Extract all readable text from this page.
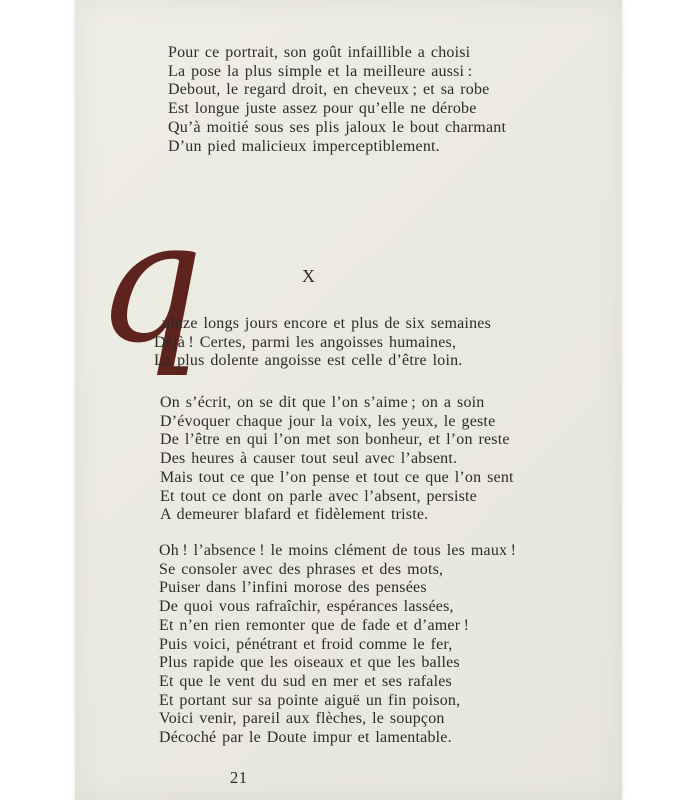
Pour ce portrait, son goût infaillible a choisi
La pose la plus simple et la meilleure aussi :
Debout, le regard droit, en cheveux ; et sa robe
Est longue juste assez pour qu’elle ne dérobe
Qu’à moitié sous ses plis jaloux le bout charmant
D’un pied malicieux imperceptiblement.
X
q
uinze longs jours encore et plus de six semaines
Déjà ! Certes, parmi les angoisses humaines,
La plus dolente angoisse est celle d’être loin.
On s’écrit, on se dit que l’on s’aime ; on a soin
D’évoquer chaque jour la voix, les yeux, le geste
De l’être en qui l’on met son bonheur, et l’on reste
Des heures à causer tout seul avec l’absent.
Mais tout ce que l’on pense et tout ce que l’on sent
Et tout ce dont on parle avec l’absent, persiste
A demeurer blafard et fidèlement triste.
Oh ! l’absence ! le moins clément de tous les maux !
Se consoler avec des phrases et des mots,
Puiser dans l’infini morose des pensées
De quoi vous rafraîchir, espérances lassées,
Et n’en rien remonter que de fade et d’amer !
Puis voici, pénétrant et froid comme le fer,
Plus rapide que les oiseaux et que les balles
Et que le vent du sud en mer et ses rafales
Et portant sur sa pointe aiguë un fin poison,
Voici venir, pareil aux flèches, le soupçon
Décoché par le Doute impur et lamentable.
21
